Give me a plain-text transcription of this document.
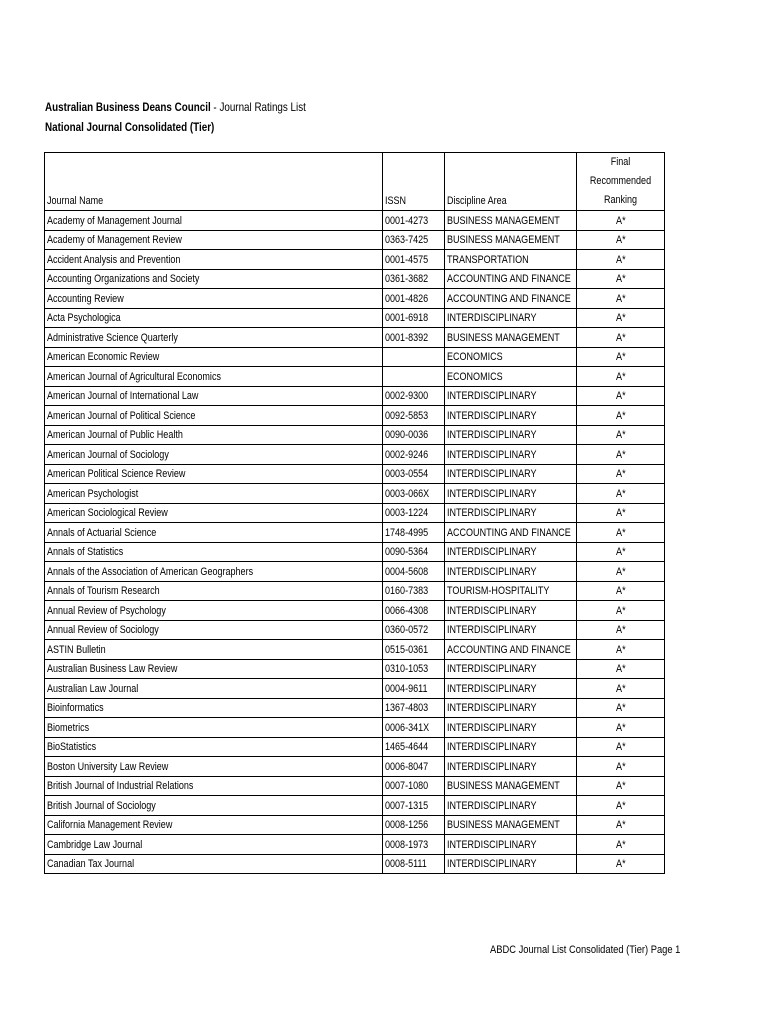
Australian Business Deans Council - Journal Ratings List
National Journal Consolidated (Tier)
Journal Name	ISSN	Discipline Area	Final Recommended Ranking
Academy of Management Journal	0001-4273	BUSINESS MANAGEMENT	A*
Academy of Management Review	0363-7425	BUSINESS MANAGEMENT	A*
Accident Analysis and Prevention	0001-4575	TRANSPORTATION	A*
Accounting Organizations and Society	0361-3682	ACCOUNTING AND FINANCE	A*
Accounting Review	0001-4826	ACCOUNTING AND FINANCE	A*
Acta Psychologica	0001-6918	INTERDISCIPLINARY	A*
Administrative Science Quarterly	0001-8392	BUSINESS MANAGEMENT	A*
American Economic Review		ECONOMICS	A*
American Journal of Agricultural Economics		ECONOMICS	A*
American Journal of International Law	0002-9300	INTERDISCIPLINARY	A*
American Journal of Political Science	0092-5853	INTERDISCIPLINARY	A*
American Journal of Public Health	0090-0036	INTERDISCIPLINARY	A*
American Journal of Sociology	0002-9246	INTERDISCIPLINARY	A*
American Political Science Review	0003-0554	INTERDISCIPLINARY	A*
American Psychologist	0003-066X	INTERDISCIPLINARY	A*
American Sociological Review	0003-1224	INTERDISCIPLINARY	A*
Annals of Actuarial Science	1748-4995	ACCOUNTING AND FINANCE	A*
Annals of Statistics	0090-5364	INTERDISCIPLINARY	A*
Annals of the Association of American Geographers	0004-5608	INTERDISCIPLINARY	A*
Annals of Tourism Research	0160-7383	TOURISM-HOSPITALITY	A*
Annual Review of Psychology	0066-4308	INTERDISCIPLINARY	A*
Annual Review of Sociology	0360-0572	INTERDISCIPLINARY	A*
ASTIN Bulletin	0515-0361	ACCOUNTING AND FINANCE	A*
Australian Business Law Review	0310-1053	INTERDISCIPLINARY	A*
Australian Law Journal	0004-9611	INTERDISCIPLINARY	A*
Bioinformatics	1367-4803	INTERDISCIPLINARY	A*
Biometrics	0006-341X	INTERDISCIPLINARY	A*
BioStatistics	1465-4644	INTERDISCIPLINARY	A*
Boston University Law Review	0006-8047	INTERDISCIPLINARY	A*
British Journal of Industrial Relations	0007-1080	BUSINESS MANAGEMENT	A*
British Journal of Sociology	0007-1315	INTERDISCIPLINARY	A*
California Management Review	0008-1256	BUSINESS MANAGEMENT	A*
Cambridge Law Journal	0008-1973	INTERDISCIPLINARY	A*
Canadian Tax Journal	0008-5111	INTERDISCIPLINARY	A*
ABDC Journal List Consolidated (Tier) Page 1
